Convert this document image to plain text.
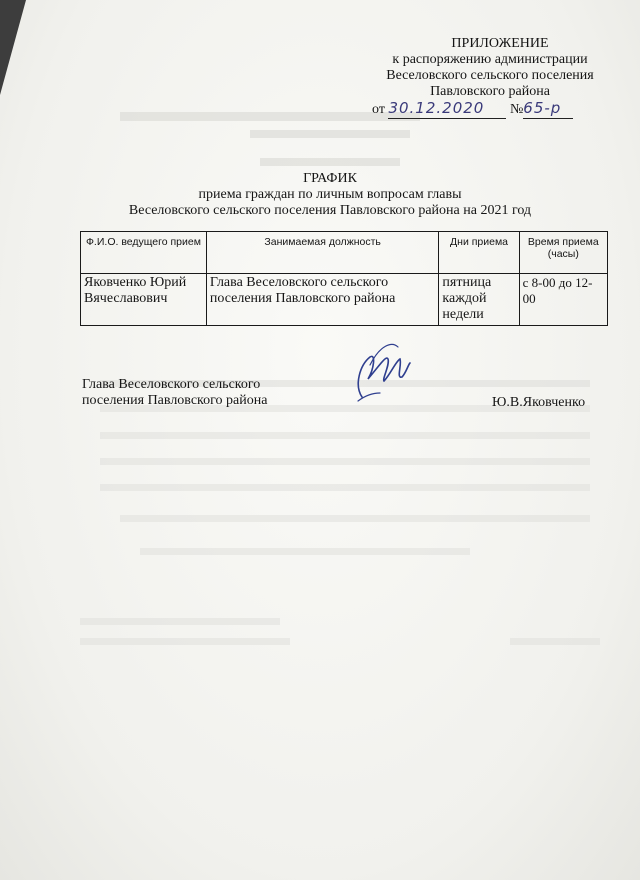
ПРИЛОЖЕНИЕ
к распоряжению администрации
Веселовского сельского поселения
Павловского района
от 30.12.2020 №65-р
ГРАФИК
приема граждан по личным вопросам главы
Веселовского сельского поселения Павловского района на 2021 год
Ф.И.О. ведущего прием	Занимаемая должность	Дни приема	Время приема (часы)
Яковченко Юрий Вячеславович	Глава Веселовского сельского поселения Павловского района	пятница каждой недели	с 8-00 до 12-00
Глава Веселовского сельского
поселения Павловского района	Ю.В.Яковченко
